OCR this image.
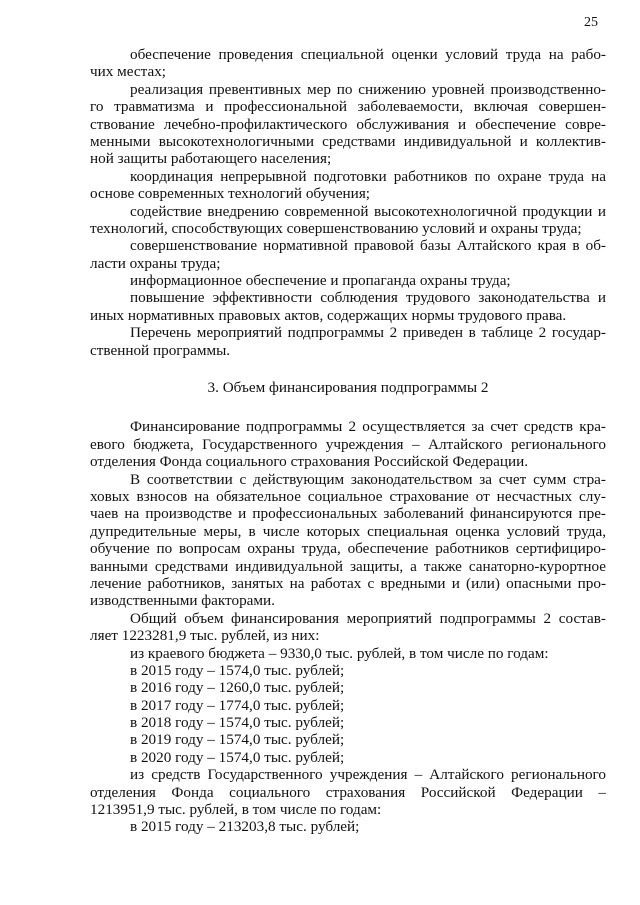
25
обеспечение проведения специальной оценки условий труда на рабо-
чих местах;
реализация превентивных мер по снижению уровней производственно-
го травматизма и профессиональной заболеваемости, включая совершен-
ствование лечебно-профилактического обслуживания и обеспечение совре-
менными высокотехнологичными средствами индивидуальной и коллектив-
ной защиты работающего населения;
координация непрерывной подготовки работников по охране труда на
основе современных технологий обучения;
содействие внедрению современной высокотехнологичной продукции и
технологий, способствующих совершенствованию условий и охраны труда;
совершенствование нормативной правовой базы Алтайского края в об-
ласти охраны труда;
информационное обеспечение и пропаганда охраны труда;
повышение эффективности соблюдения трудового законодательства и
иных нормативных правовых актов, содержащих нормы трудового права.
Перечень мероприятий подпрограммы 2 приведен в таблице 2 государ-
ственной программы.
3. Объем финансирования подпрограммы 2
Финансирование подпрограммы 2 осуществляется за счет средств кра-
евого бюджета, Государственного учреждения – Алтайского регионального
отделения Фонда социального страхования Российской Федерации.
В соответствии с действующим законодательством за счет сумм стра-
ховых взносов на обязательное социальное страхование от несчастных слу-
чаев на производстве и профессиональных заболеваний финансируются пре-
дупредительные меры, в числе которых специальная оценка условий труда,
обучение по вопросам охраны труда, обеспечение работников сертифициро-
ванными средствами индивидуальной защиты, а также санаторно-курортное
лечение работников, занятых на работах с вредными и (или) опасными про-
изводственными факторами.
Общий объем финансирования мероприятий подпрограммы 2 состав-
ляет 1223281,9 тыс. рублей, из них:
из краевого бюджета – 9330,0 тыс. рублей, в том числе по годам:
в 2015 году – 1574,0 тыс. рублей;
в 2016 году – 1260,0 тыс. рублей;
в 2017 году – 1774,0 тыс. рублей;
в 2018 году – 1574,0 тыс. рублей;
в 2019 году – 1574,0 тыс. рублей;
в 2020 году – 1574,0 тыс. рублей;
из средств Государственного учреждения – Алтайского регионального
отделения Фонда социального страхования Российской Федерации –
1213951,9 тыс. рублей, в том числе по годам:
в 2015 году – 213203,8 тыс. рублей;
